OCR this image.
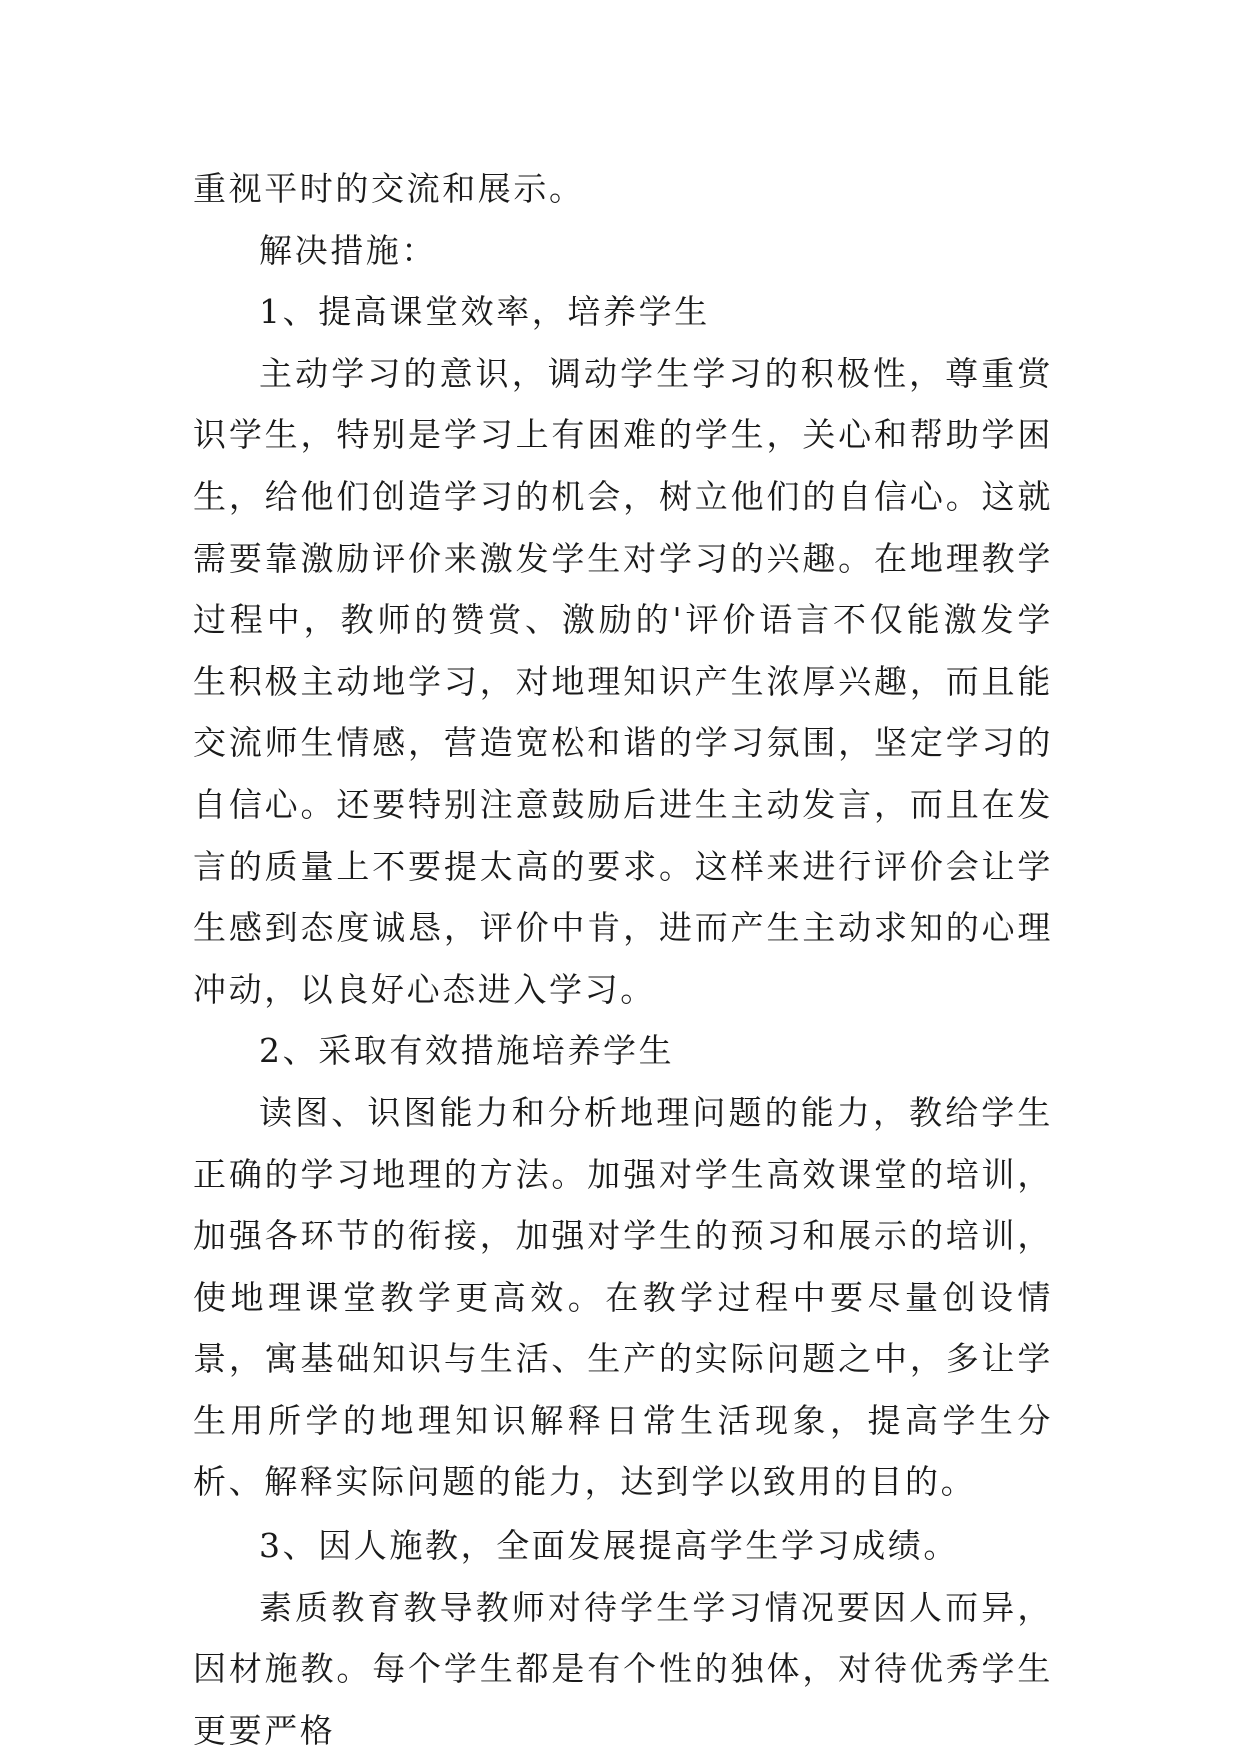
重视平时的交流和展示。

解决措施：

1、提高课堂效率，培养学生

主动学习的意识，调动学生学习的积极性，尊重赏识学生，特别是学习上有困难的学生，关心和帮助学困生，给他们创造学习的机会，树立他们的自信心。这就需要靠激励评价来激发学生对学习的兴趣。在地理教学过程中，教师的赞赏、激励的'评价语言不仅能激发学生积极主动地学习，对地理知识产生浓厚兴趣，而且能交流师生情感，营造宽松和谐的学习氛围，坚定学习的自信心。还要特别注意鼓励后进生主动发言，而且在发言的质量上不要提太高的要求。这样来进行评价会让学生感到态度诚恳，评价中肯，进而产生主动求知的心理冲动，以良好心态进入学习。

2、采取有效措施培养学生

读图、识图能力和分析地理问题的能力，教给学生正确的学习地理的方法。加强对学生高效课堂的培训，加强各环节的衔接，加强对学生的预习和展示的培训，使地理课堂教学更高效。在教学过程中要尽量创设情景，寓基础知识与生活、生产的实际问题之中，多让学生用所学的地理知识解释日常生活现象，提高学生分析、解释实际问题的能力，达到学以致用的目的。

3、因人施教，全面发展提高学生学习成绩。

素质教育教导教师对待学生学习情况要因人而异，因材施教。每个学生都是有个性的独体，对待优秀学生更要严格
